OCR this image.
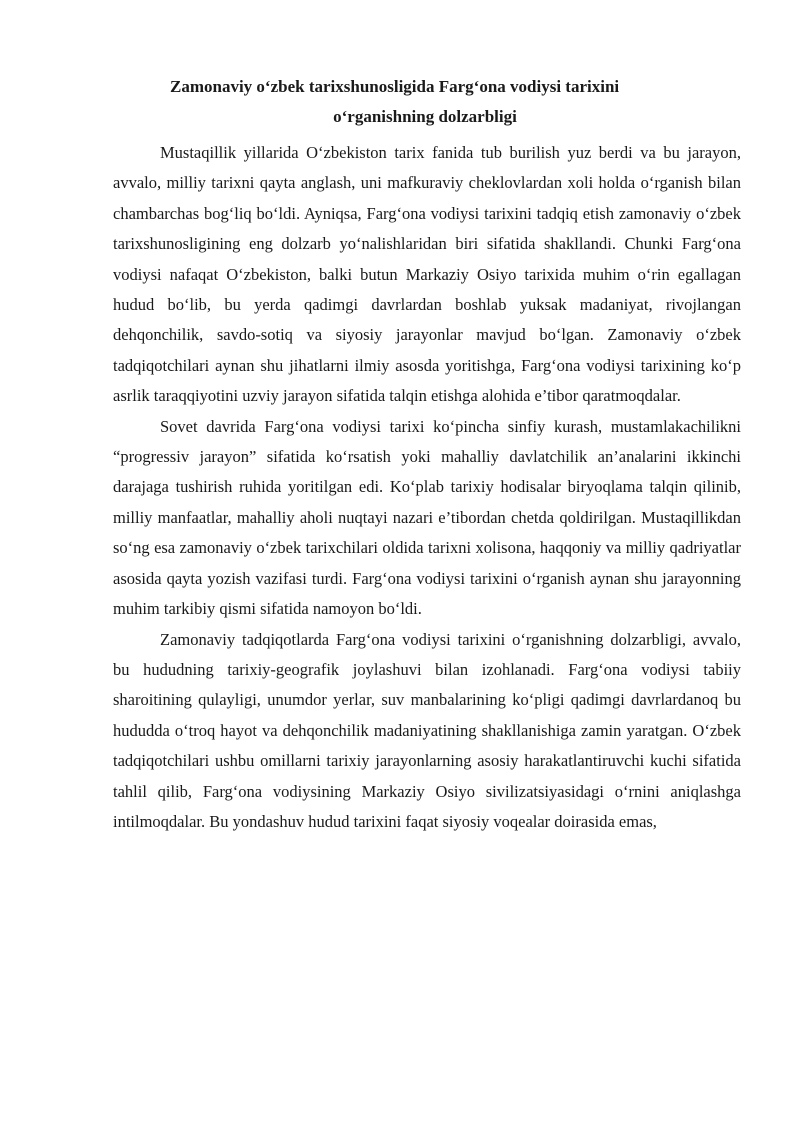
Zamonaviy o‘zbek tarixshunosligida Farg‘ona vodiysi tarixini
o‘rganishning dolzarbligi

Mustaqillik yillarida O‘zbekiston tarix fanida tub burilish yuz berdi va bu jarayon, avvalo, milliy tarixni qayta anglash, uni mafkuraviy cheklovlardan xoli holda o‘rganish bilan chambarchas bog‘liq bo‘ldi. Ayniqsa, Farg‘ona vodiysi tarixini tadqiq etish zamonaviy o‘zbek tarixshunosligining eng dolzarb yo‘nalishlaridan biri sifatida shakllandi. Chunki Farg‘ona vodiysi nafaqat O‘zbekiston, balki butun Markaziy Osiyo tarixida muhim o‘rin egallagan hudud bo‘lib, bu yerda qadimgi davrlardan boshlab yuksak madaniyat, rivojlangan dehqonchilik, savdo-sotiq va siyosiy jarayonlar mavjud bo‘lgan. Zamonaviy o‘zbek tadqiqotchilari aynan shu jihatlarni ilmiy asosda yoritishga, Farg‘ona vodiysi tarixining ko‘p asrlik taraqqiyotini uzviy jarayon sifatida talqin etishga alohida e’tibor qaratmoqdalar.

Sovet davrida Farg‘ona vodiysi tarixi ko‘pincha sinfiy kurash, mustamlakachilikni “progressiv jarayon” sifatida ko‘rsatish yoki mahalliy davlatchilik an’analarini ikkinchi darajaga tushirish ruhida yoritilgan edi. Ko‘plab tarixiy hodisalar biryoqlama talqin qilinib, milliy manfaatlar, mahalliy aholi nuqtayi nazari e’tibordan chetda qoldirilgan. Mustaqillikdan so‘ng esa zamonaviy o‘zbek tarixchilari oldida tarixni xolisona, haqqoniy va milliy qadriyatlar asosida qayta yozish vazifasi turdi. Farg‘ona vodiysi tarixini o‘rganish aynan shu jarayonning muhim tarkibiy qismi sifatida namoyon bo‘ldi.

Zamonaviy tadqiqotlarda Farg‘ona vodiysi tarixini o‘rganishning dolzarbligi, avvalo, bu hududning tarixiy-geografik joylashuvi bilan izohlanadi. Farg‘ona vodiysi tabiiy sharoitining qulayligi, unumdor yerlar, suv manbalarining ko‘pligi qadimgi davrlardanoq bu hududda o‘troq hayot va dehqonchilik madaniyatining shakllanishiga zamin yaratgan. O‘zbek tadqiqotchilari ushbu omillarni tarixiy jarayonlarning asosiy harakatlantiruvchi kuchi sifatida tahlil qilib, Farg‘ona vodiysining Markaziy Osiyo sivilizatsiyasidagi o‘rnini aniqlashga intilmoqdalar. Bu yondashuv hudud tarixini faqat siyosiy voqealar doirasida emas,
